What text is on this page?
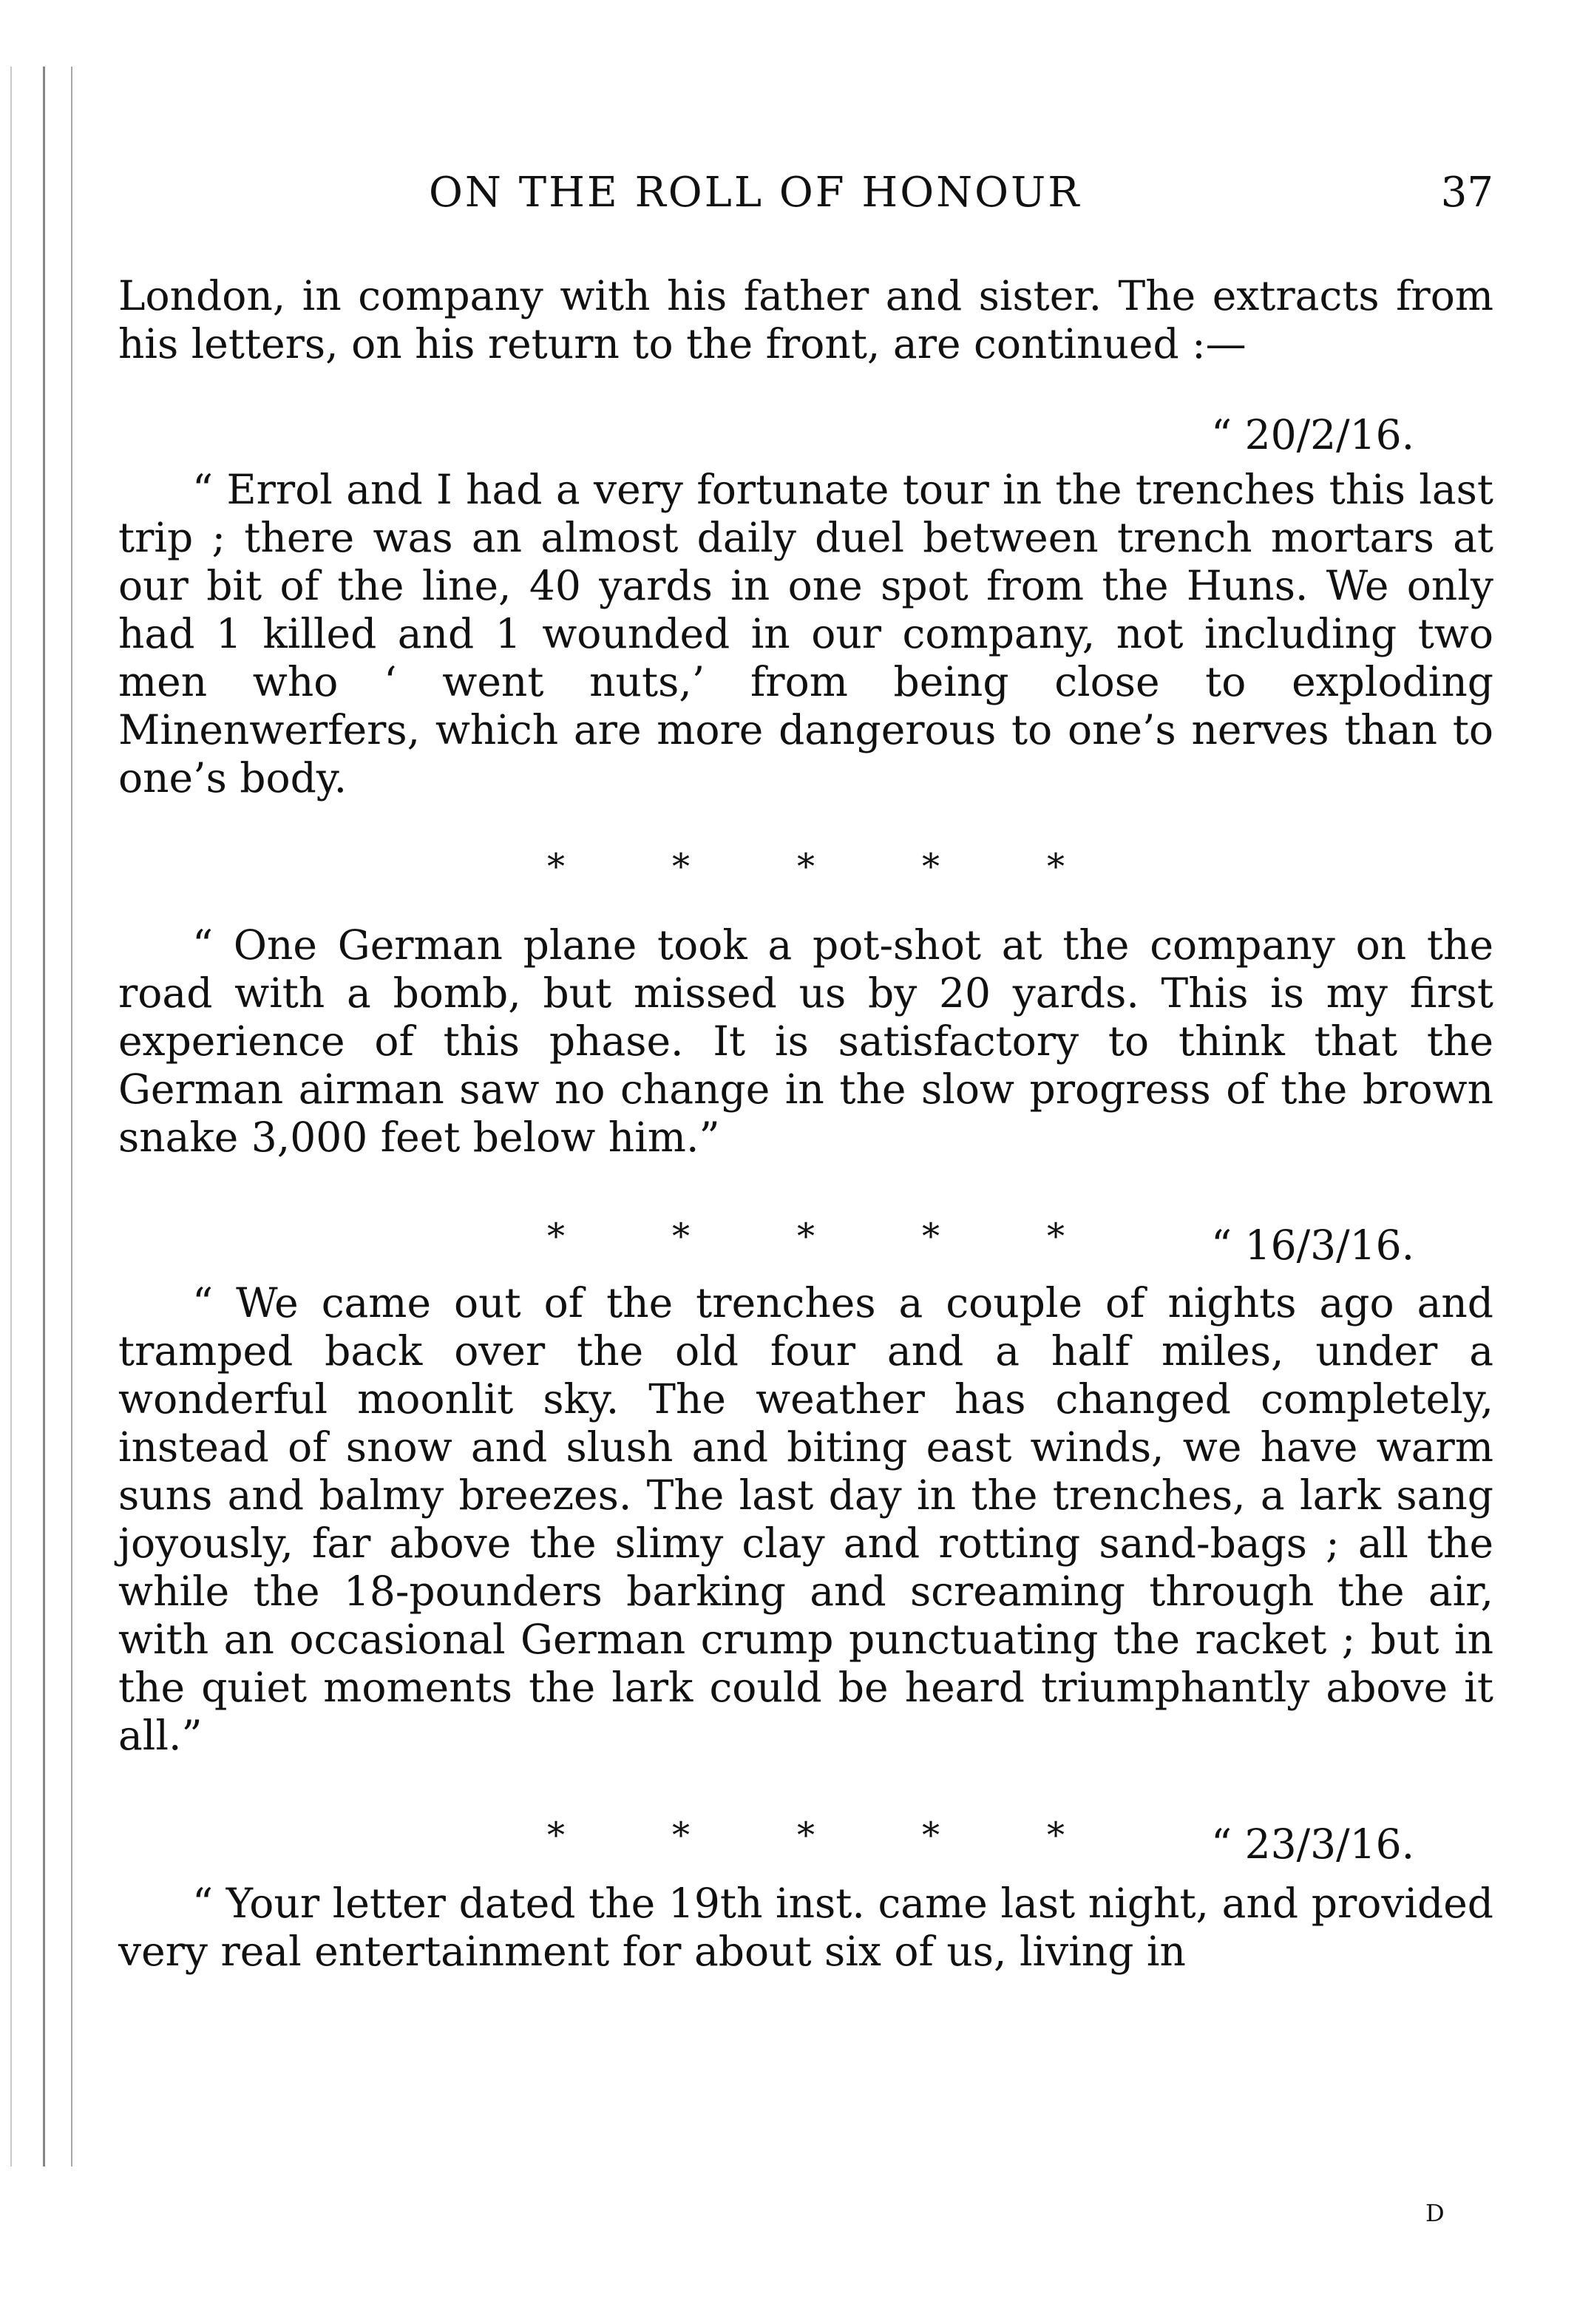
ON THE ROLL OF HONOUR	37
London, in company with his father and sister. The extracts from his letters, on his return to the front, are continued :—
“ 20/2/16.
“ Errol and I had a very fortunate tour in the trenches this last trip ; there was an almost daily duel between trench mortars at our bit of the line, 40 yards in one spot from the Huns. We only had 1 killed and 1 wounded in our company, not including two men who ‘ went nuts,’ from being close to exploding Minenwerfers, which are more dangerous to one’s nerves than to one’s body.
*	*	*	*	*
“ One German plane took a pot-shot at the company on the road with a bomb, but missed us by 20 yards. This is my first experience of this phase. It is satisfactory to think that the German airman saw no change in the slow progress of the brown snake 3,000 feet below him.”
*	*	*	*	*	“ 16/3/16.
“ We came out of the trenches a couple of nights ago and tramped back over the old four and a half miles, under a wonderful moonlit sky. The weather has changed completely, instead of snow and slush and biting east winds, we have warm suns and balmy breezes. The last day in the trenches, a lark sang joyously, far above the slimy clay and rotting sand-bags ; all the while the 18-pounders barking and screaming through the air, with an occasional German crump punctuating the racket ; but in the quiet moments the lark could be heard triumphantly above it all.”
*	*	*	*	*	“ 23/3/16.
“ Your letter dated the 19th inst. came last night, and provided very real entertainment for about six of us, living in
D
